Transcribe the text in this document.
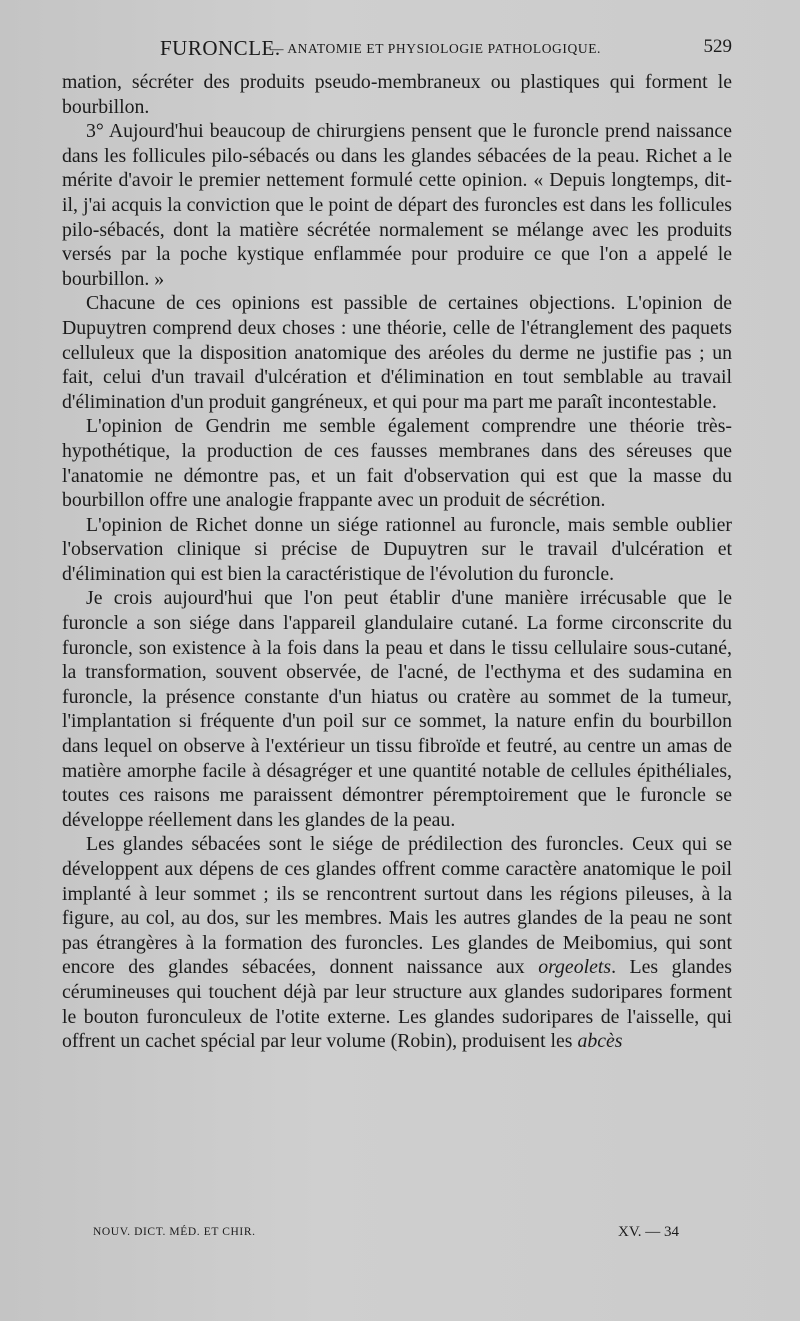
FURONCLE.
— ANATOMIE ET PHYSIOLOGIE PATHOLOGIQUE.	529

mation, sécréter des produits pseudo-membraneux ou plastiques qui forment le bourbillon.

3° Aujourd'hui beaucoup de chirurgiens pensent que le furoncle prend naissance dans les follicules pilo-sébacés ou dans les glandes sébacées de la peau. Richet a le mérite d'avoir le premier nettement formulé cette opinion. « Depuis longtemps, dit-il, j'ai acquis la conviction que le point de départ des furoncles est dans les follicules pilo-sébacés, dont la matière sécrétée normalement se mélange avec les produits versés par la poche kystique enflammée pour produire ce que l'on a appelé le bourbillon. »

Chacune de ces opinions est passible de certaines objections. L'opinion de Dupuytren comprend deux choses : une théorie, celle de l'étranglement des paquets celluleux que la disposition anatomique des aréoles du derme ne justifie pas ; un fait, celui d'un travail d'ulcération et d'élimination en tout semblable au travail d'élimination d'un produit gangréneux, et qui pour ma part me paraît incontestable.

L'opinion de Gendrin me semble également comprendre une théorie très-hypothétique, la production de ces fausses membranes dans des séreuses que l'anatomie ne démontre pas, et un fait d'observation qui est que la masse du bourbillon offre une analogie frappante avec un produit de sécrétion.

L'opinion de Richet donne un siége rationnel au furoncle, mais semble oublier l'observation clinique si précise de Dupuytren sur le travail d'ulcération et d'élimination qui est bien la caractéristique de l'évolution du furoncle.

Je crois aujourd'hui que l'on peut établir d'une manière irrécusable que le furoncle a son siége dans l'appareil glandulaire cutané. La forme circonscrite du furoncle, son existence à la fois dans la peau et dans le tissu cellulaire sous-cutané, la transformation, souvent observée, de l'acné, de l'ecthyma et des sudamina en furoncle, la présence constante d'un hiatus ou cratère au sommet de la tumeur, l'implantation si fréquente d'un poil sur ce sommet, la nature enfin du bourbillon dans lequel on observe à l'extérieur un tissu fibroïde et feutré, au centre un amas de matière amorphe facile à désagréger et une quantité notable de cellules épithéliales, toutes ces raisons me paraissent démontrer péremptoirement que le furoncle se développe réellement dans les glandes de la peau.

Les glandes sébacées sont le siége de prédilection des furoncles. Ceux qui se développent aux dépens de ces glandes offrent comme caractère anatomique le poil implanté à leur sommet ; ils se rencontrent surtout dans les régions pileuses, à la figure, au col, au dos, sur les membres. Mais les autres glandes de la peau ne sont pas étrangères à la formation des furoncles. Les glandes de Meibomius, qui sont encore des glandes sébacées, donnent naissance aux orgeolets. Les glandes cérumineuses qui touchent déjà par leur structure aux glandes sudoripares forment le bouton furonculeux de l'otite externe. Les glandes sudoripares de l'aisselle, qui offrent un cachet spécial par leur volume (Robin), produisent les abcès

NOUV. DICT. MÉD. ET CHIR.	XV. — 34
